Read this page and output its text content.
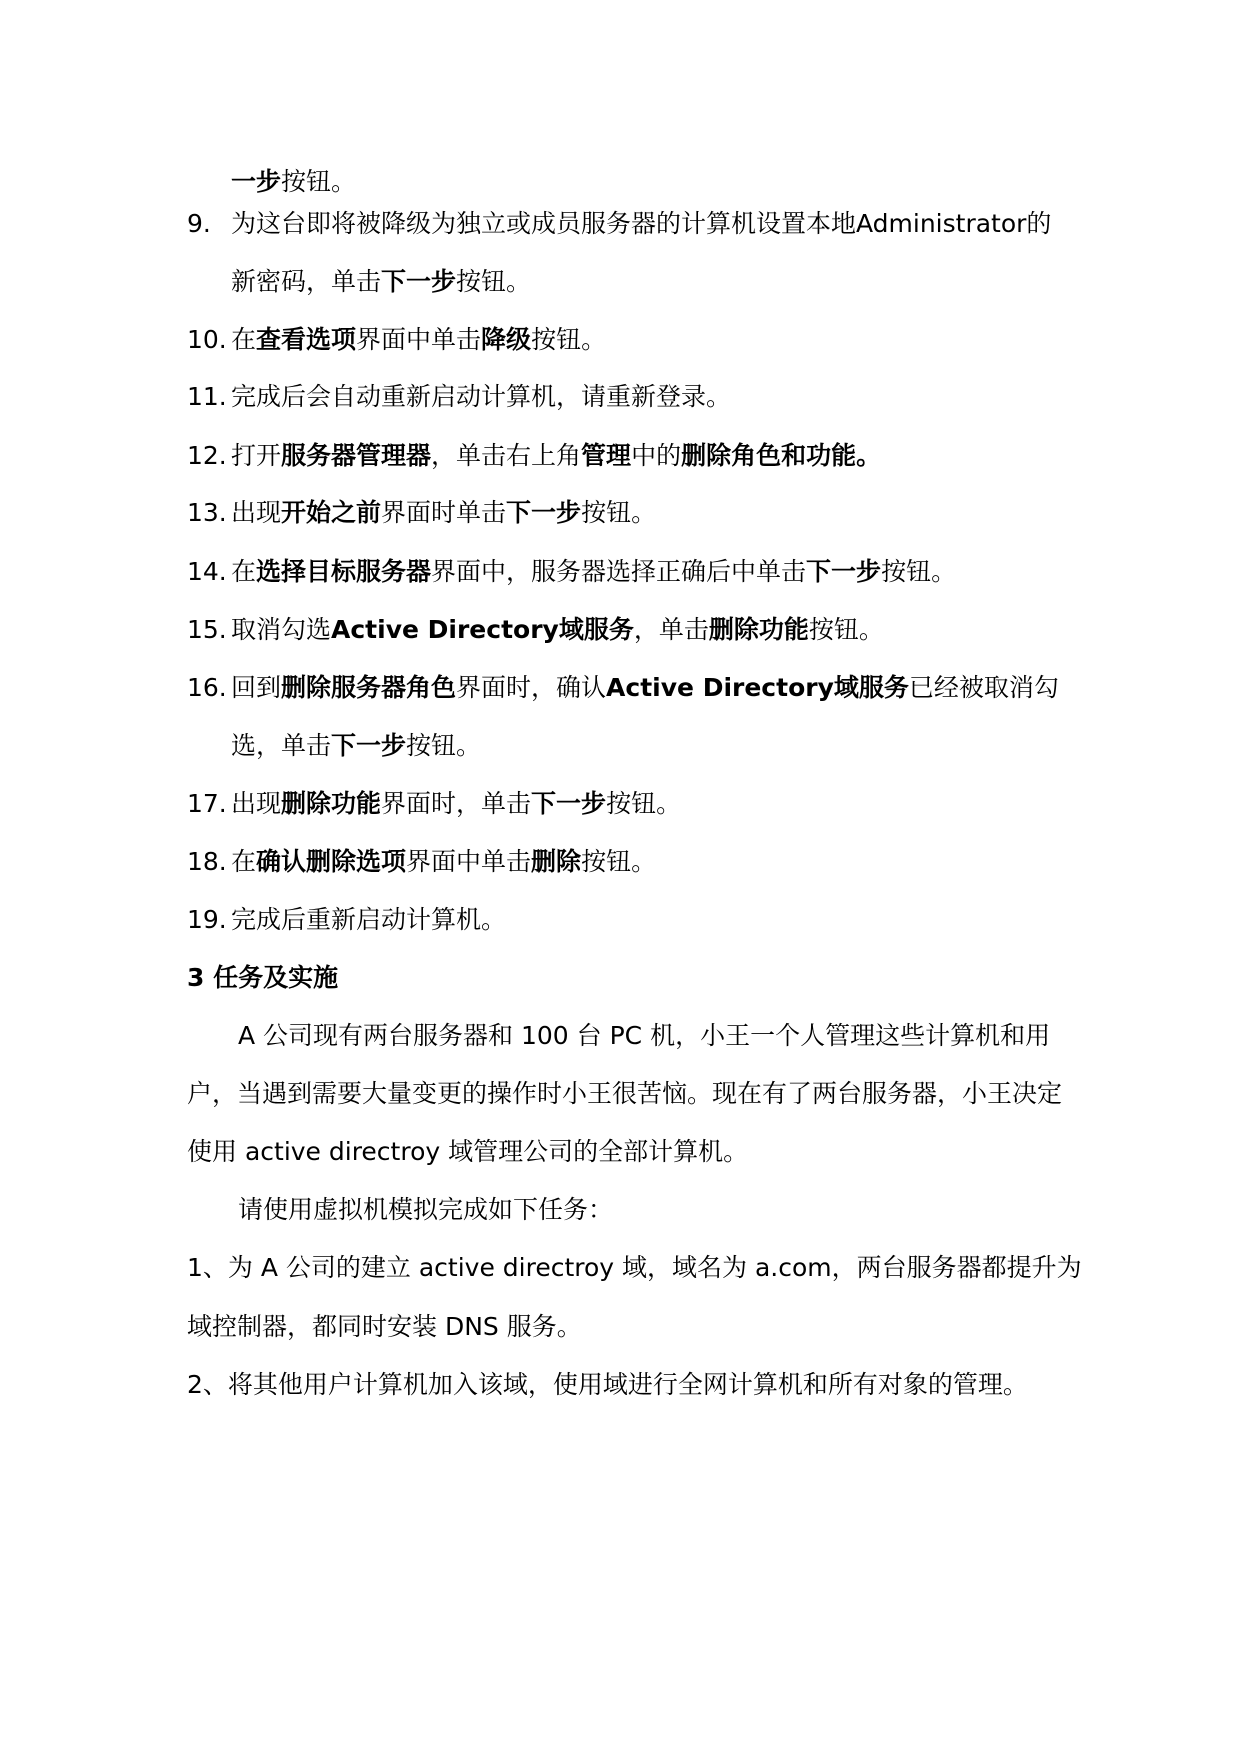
一步按钮。
9. 为这台即将被降级为独立或成员服务器的计算机设置本地Administrator的
新密码，单击下一步按钮。
10. 在查看选项界面中单击降级按钮。
11. 完成后会自动重新启动计算机，请重新登录。
12. 打开服务器管理器，单击右上角管理中的删除角色和功能。
13. 出现开始之前界面时单击下一步按钮。
14. 在选择目标服务器界面中，服务器选择正确后中单击下一步按钮。
15. 取消勾选Active Directory域服务，单击删除功能按钮。
16. 回到删除服务器角色界面时，确认Active Directory域服务已经被取消勾
选，单击下一步按钮。
17. 出现删除功能界面时，单击下一步按钮。
18. 在确认删除选项界面中单击删除按钮。
19. 完成后重新启动计算机。
3 任务及实施
A 公司现有两台服务器和 100 台 PC 机，小王一个人管理这些计算机和用
户，当遇到需要大量变更的操作时小王很苦恼。现在有了两台服务器，小王决定
使用 active directroy 域管理公司的全部计算机。
请使用虚拟机模拟完成如下任务：
1、为 A 公司的建立 active directroy 域，域名为 a.com，两台服务器都提升为
域控制器，都同时安装 DNS 服务。
2、将其他用户计算机加入该域，使用域进行全网计算机和所有对象的管理。
